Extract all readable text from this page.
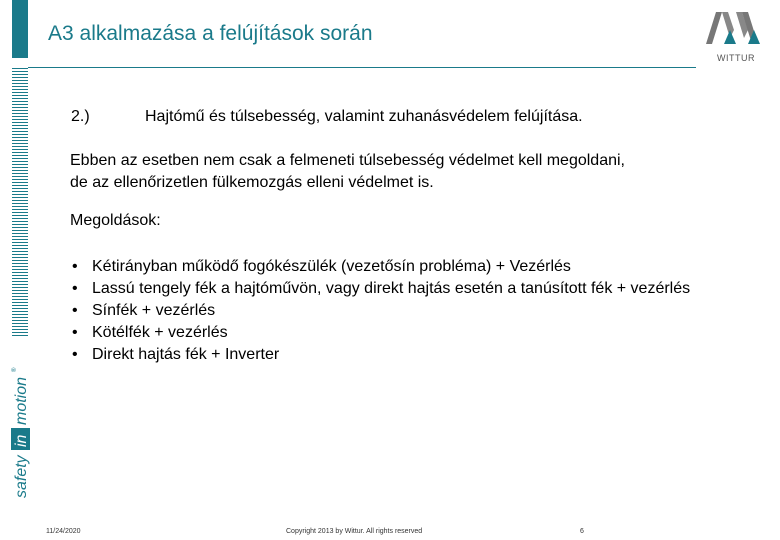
safety
in
motion
®
A3 alkalmazása a felújítások során
WITTUR
2.)	Hajtómű és túlsebesség, valamint zuhanásvédelem felújítása.
Ebben az esetben nem csak a felmeneti túlsebesség védelmet kell megoldani,
de az ellenőrizetlen fülkemozgás elleni védelmet is.
Megoldások:
• Kétirányban működő fogókészülék (vezetősín probléma) + Vezérlés
• Lassú tengely fék a hajtóművön, vagy direkt hajtás esetén a tanúsított fék + vezérlés
• Sínfék + vezérlés
• Kötélfék + vezérlés
• Direkt hajtás fék + Inverter
11/24/2020	Copyright 2013 by Wittur. All rights reserved	6
